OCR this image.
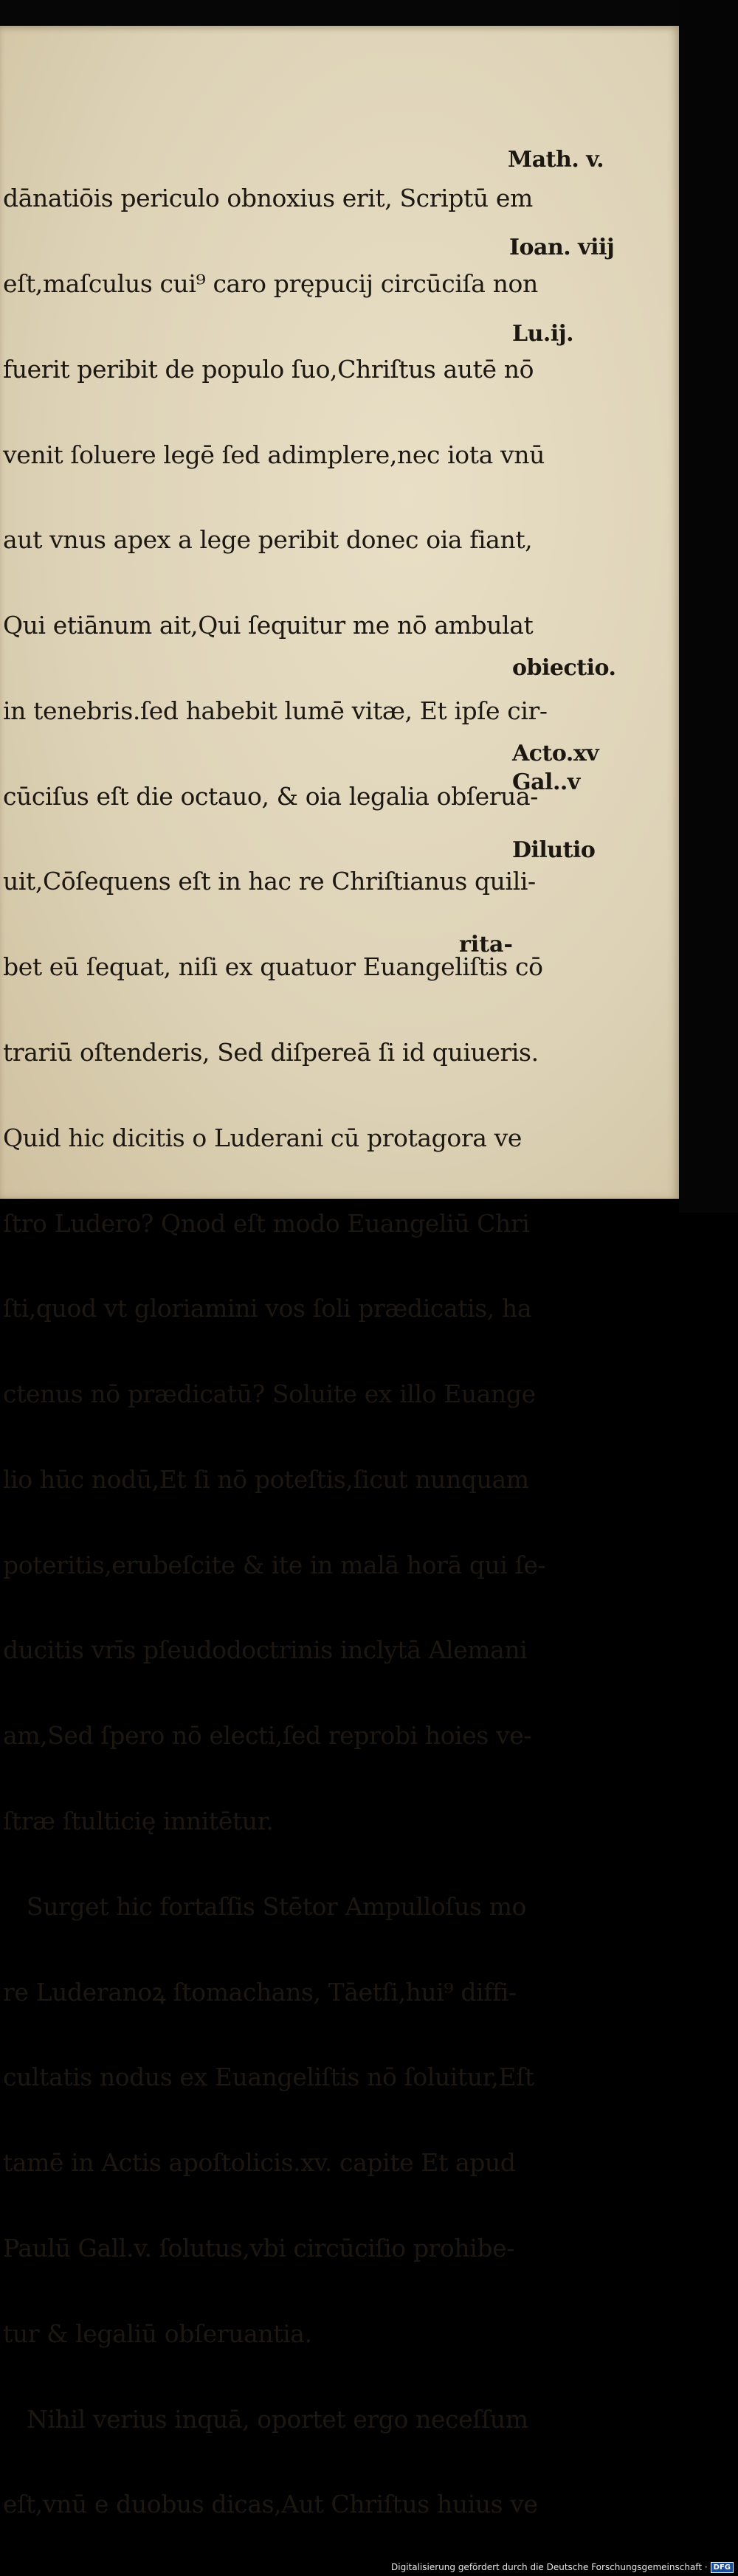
dānatiōis periculo obnoxius erit, Scriptū em

eſt,maſculus cui⁹ caro prępucij circūciſa non

fuerit peribit de populo ſuo,Chriſtus autē nō

venit ſoluere legē ſed adimplere,nec iota vnū

aut vnus apex a lege peribit donec oia fiant,

Qui etiānum ait,Qui ſequitur me nō ambulat

in tenebris.ſed habebit lumē vitæ, Et ipſe cir-

cūciſus eſt die octauo, & oia legalia obſerua-

uit,Cōſequens eſt in hac re Chriſtianus quili-

bet eū ſequat, niſi ex quatuor Euangeliſtis cō

trariū oſtenderis, Sed diſpereā ſi id quiueris.

Quid hic dicitis o Luderani cū protagora ve

ſtro Ludero? Qnod eſt modo Euangeliū Chri

ſti,quod vt gloriamini vos ſoli prædicatis, ha

ctenus nō prædicatū? Soluite ex illo Euange

lio hūc nodū,Et ſi nō poteſtis,ſicut nunquam

poteritis,erubeſcite & ite in malā horā qui ſe-

ducitis vrīs pſeudodoctrinis inclytā Alemani

am,Sed ſpero nō electi,ſed reprobi hoies ve-

ſtræ ſtulticię innitētur.

Surget hic fortaſſis Stētor Ampulloſus mo

re Luderanoꝝ ſtomachans, Tāetſi,hui⁹ diffi-

cultatis nodus ex Euangeliſtis nō ſoluitur,Eſt

tamē in Actis apoſtolicis.xv. capite Et apud

Paulū Gall.v. ſolutus,vbi circūciſio prohibe-

tur & legaliū obſeruantia.

Nihil verius inquā, oportet ergo neceſſum

eſt,vnū e duobus dicas,Aut Chriſtus huius ve

Math. v.
Ioan. viij
Lu.ij.
obiectio.
Acto.xv
Gal..v
Dilutio
rita-
Digitalisierung gefördert durch die Deutsche Forschungsgemeinschaft · DFG
